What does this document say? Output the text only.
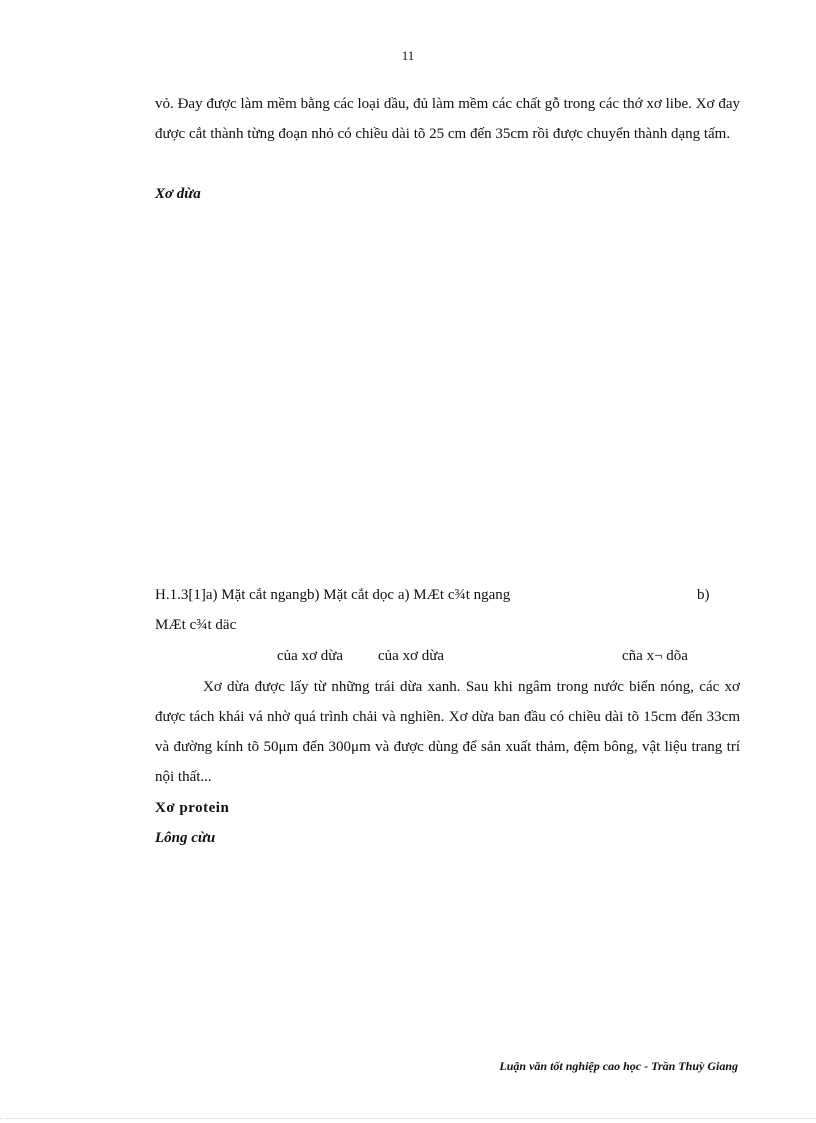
11
vỏ. Đay được làm mềm bằng các loại dầu, đủ làm mềm các chất gỗ trong các thớ xơ libe. Xơ đay được cắt thành từng đoạn nhỏ có chiều dài tõ 25 cm đến 35cm rồi được chuyển thành dạng tấm.
Xơ dừa
H.1.3[1]a) Mặt cắt ngangb) Mặt cắt dọc a) MÆt c¾t ngang	b)
MÆt c¾t däc
của xơ dừa của xơ dừa	cña x¬ dõa
Xơ dừa được lấy từ những trái dừa xanh. Sau khi ngâm trong nước biển nóng, các xơ được tách khái vá nhờ quá trình chải và nghiền. Xơ dừa ban đầu có chiều dài tõ 15cm đến 33cm và đường kính tõ 50μm đến 300μm và được dùng để sản xuất thảm, đệm bông, vật liệu trang trí nội thất...
Xơ protein
Lông cừu
Luận văn tốt nghiệp cao học - Trần Thuỳ Giang
